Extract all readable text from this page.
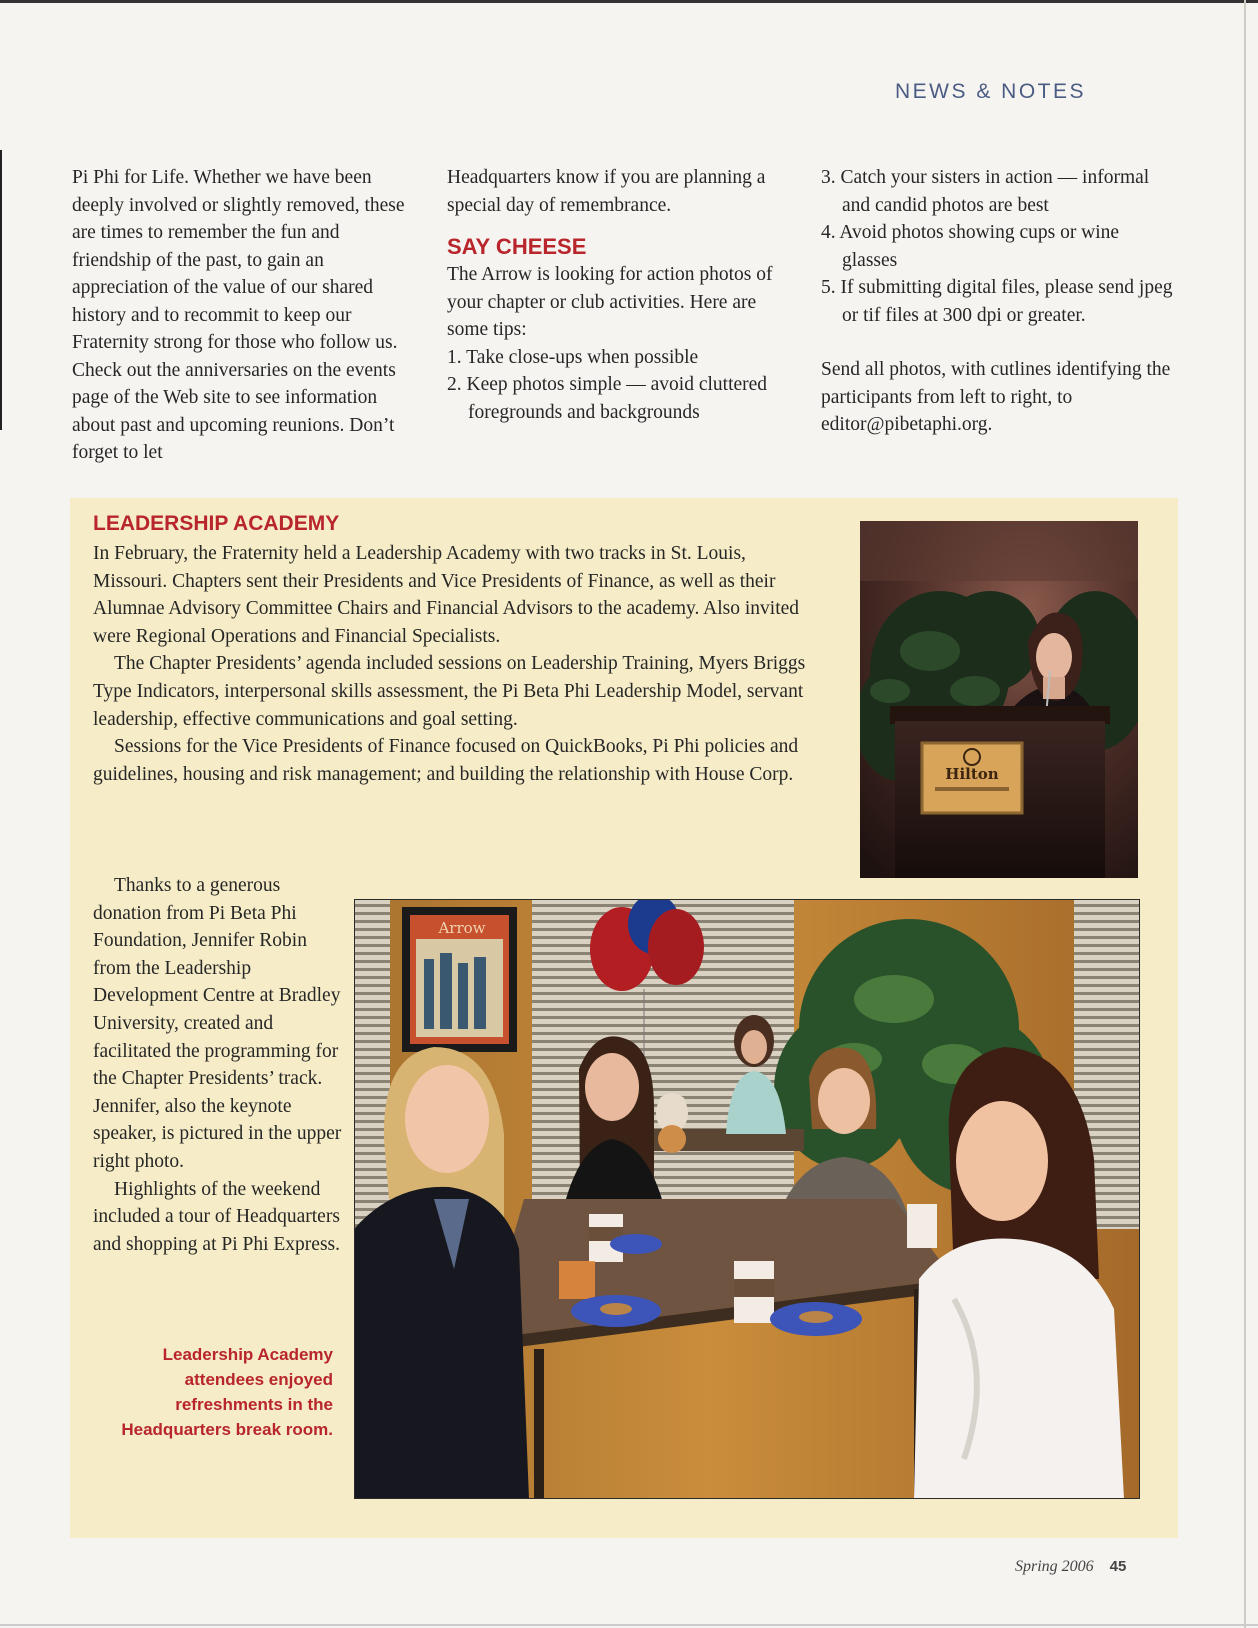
NEWS & NOTES

Pi Phi for Life. Whether we have been deeply involved or slightly removed, these are times to remember the fun and friendship of the past, to gain an appreciation of the value of our shared history and to recommit to keep our Fraternity strong for those who follow us. Check out the anniversaries on the events page of the Web site to see information about past and upcoming reunions. Don’t forget to let

Headquarters know if you are planning a special day of remembrance.

SAY CHEESE

The Arrow is looking for action photos of your chapter or club activities. Here are some tips:

1. Take close-ups when possible
2. Keep photos simple — avoid cluttered foregrounds and backgrounds
3. Catch your sisters in action — informal and candid photos are best
4. Avoid photos showing cups or wine glasses
5. If submitting digital files, please send jpeg or tif files at 300 dpi or greater.

Send all photos, with cutlines identifying the participants from left to right, to editor@pibetaphi.org.

LEADERSHIP ACADEMY

In February, the Fraternity held a Leadership Academy with two tracks in St. Louis, Missouri. Chapters sent their Presidents and Vice Presidents of Finance, as well as their Alumnae Advisory Committee Chairs and Financial Advisors to the academy. Also invited were Regional Operations and Financial Specialists.

The Chapter Presidents’ agenda included sessions on Leadership Training, Myers Briggs Type Indicators, interpersonal skills assessment, the Pi Beta Phi Leadership Model, servant leadership, effective communications and goal setting.

Sessions for the Vice Presidents of Finance focused on QuickBooks, Pi Phi policies and guidelines, housing and risk management; and building the relationship with House Corp.

Thanks to a generous donation from Pi Beta Phi Foundation, Jennifer Robin from the Leadership Development Centre at Bradley University, created and facilitated the programming for the Chapter Presidents’ track. Jennifer, also the keynote speaker, is pictured in the upper right photo.

Highlights of the weekend included a tour of Headquarters and shopping at Pi Phi Express.

Leadership Academy attendees enjoyed refreshments in the Headquarters break room.
Hilton
Arrow
Spring 2006 45
